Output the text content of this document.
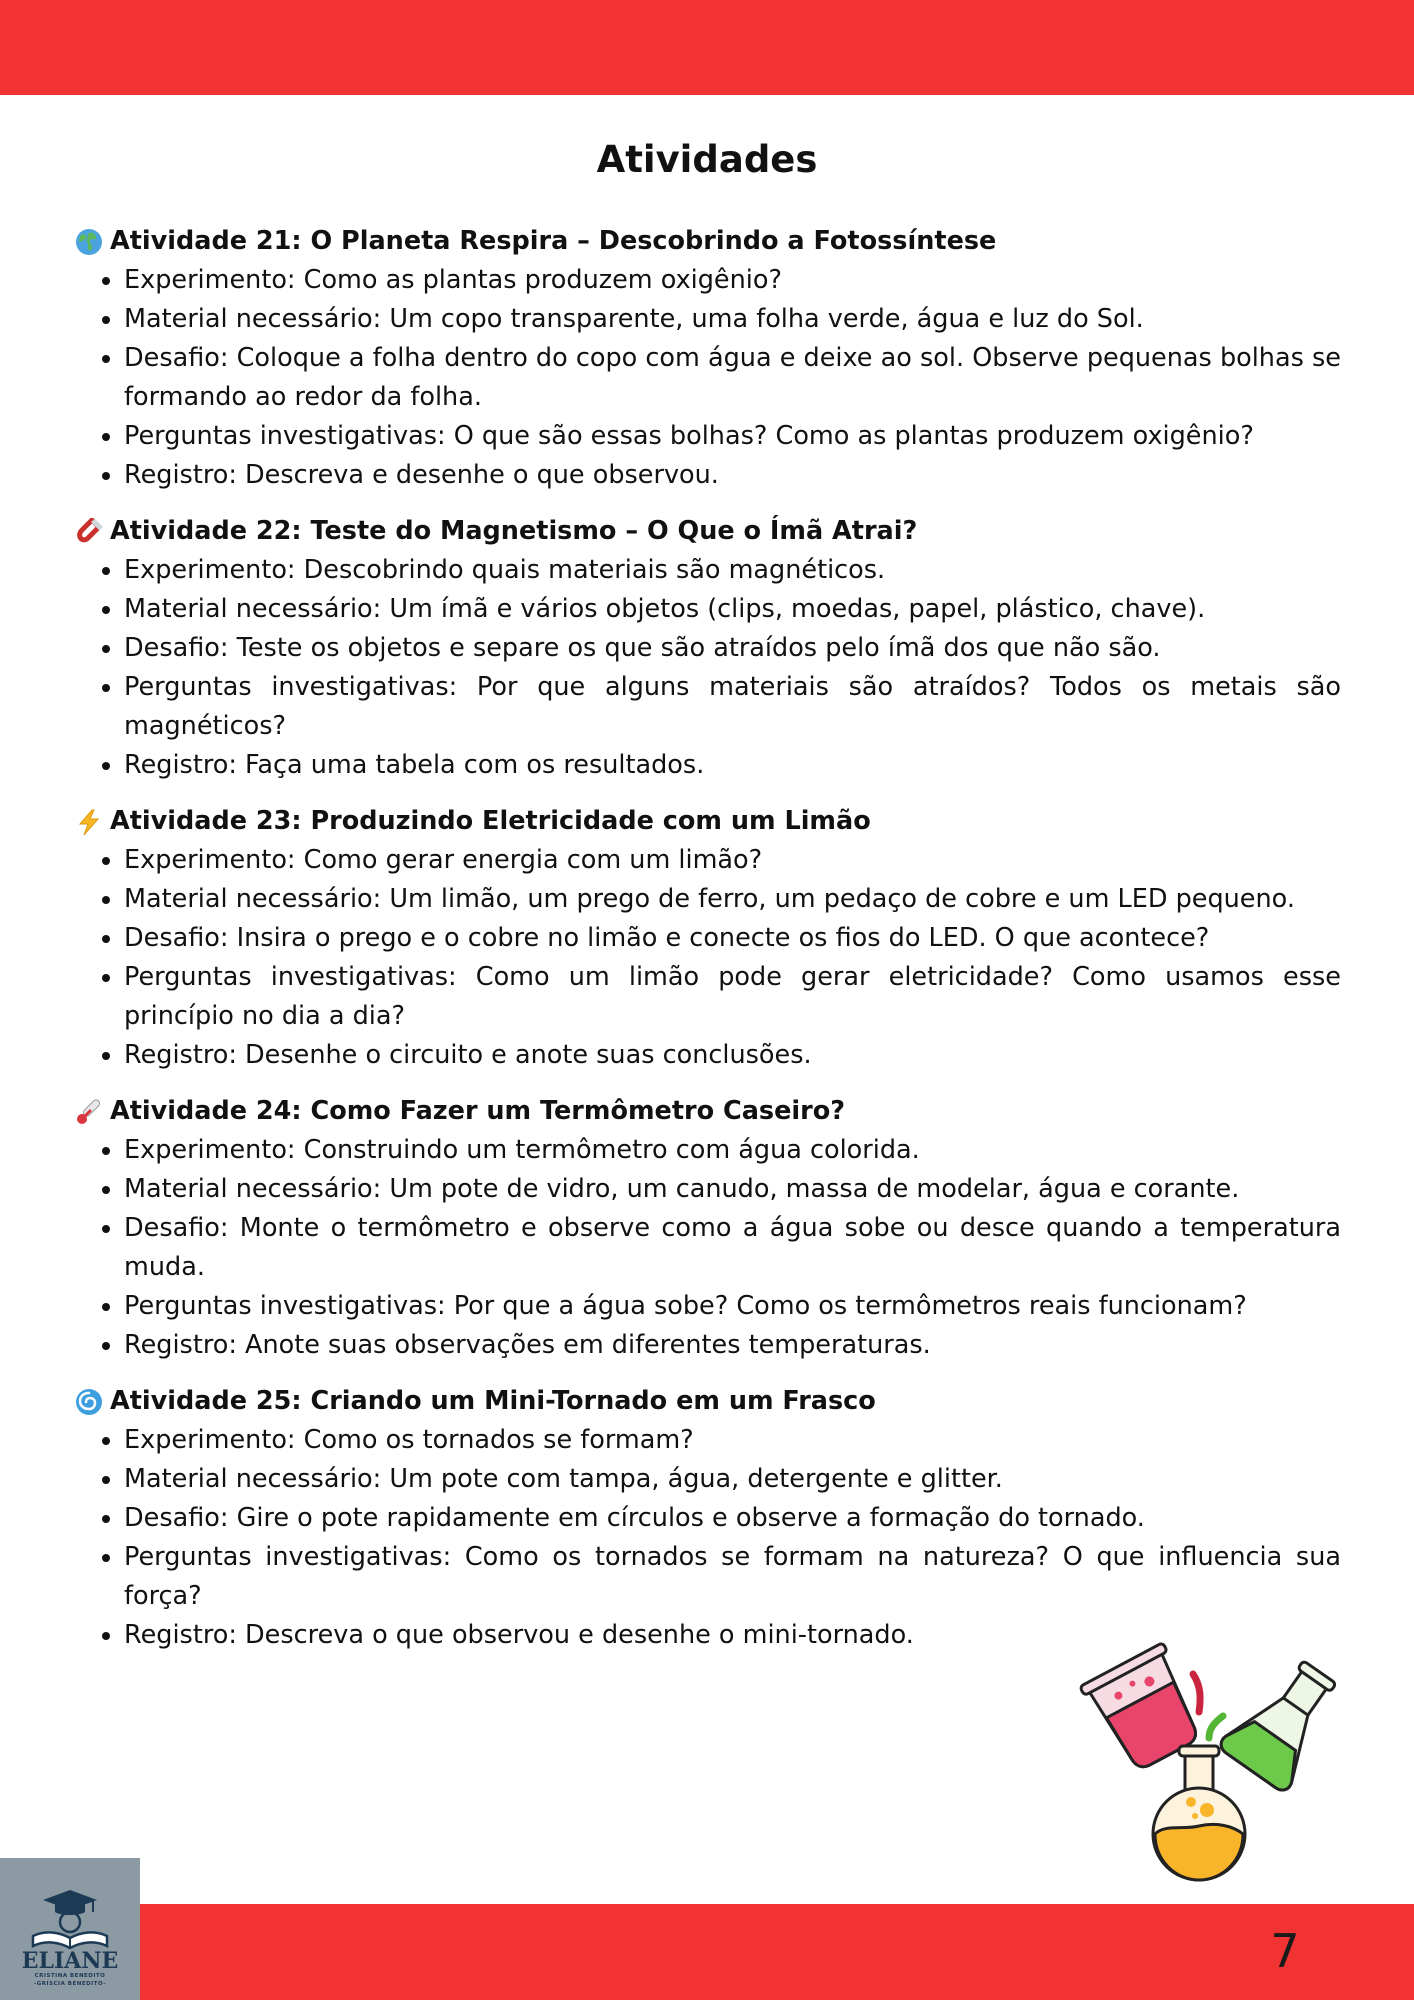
Atividades
Atividade 21: O Planeta Respira – Descobrindo a Fotossíntese
• Experimento: Como as plantas produzem oxigênio?
• Material necessário: Um copo transparente, uma folha verde, água e luz do Sol.
• Desafio: Coloque a folha dentro do copo com água e deixe ao sol. Observe pequenas bolhas se formando ao redor da folha.
• Perguntas investigativas: O que são essas bolhas? Como as plantas produzem oxigênio?
• Registro: Descreva e desenhe o que observou.
Atividade 22: Teste do Magnetismo – O Que o Ímã Atrai?
• Experimento: Descobrindo quais materiais são magnéticos.
• Material necessário: Um ímã e vários objetos (clips, moedas, papel, plástico, chave).
• Desafio: Teste os objetos e separe os que são atraídos pelo ímã dos que não são.
• Perguntas investigativas: Por que alguns materiais são atraídos? Todos os metais são magnéticos?
• Registro: Faça uma tabela com os resultados.
Atividade 23: Produzindo Eletricidade com um Limão
• Experimento: Como gerar energia com um limão?
• Material necessário: Um limão, um prego de ferro, um pedaço de cobre e um LED pequeno.
• Desafio: Insira o prego e o cobre no limão e conecte os fios do LED. O que acontece?
• Perguntas investigativas: Como um limão pode gerar eletricidade? Como usamos esse princípio no dia a dia?
• Registro: Desenhe o circuito e anote suas conclusões.
Atividade 24: Como Fazer um Termômetro Caseiro?
• Experimento: Construindo um termômetro com água colorida.
• Material necessário: Um pote de vidro, um canudo, massa de modelar, água e corante.
• Desafio: Monte o termômetro e observe como a água sobe ou desce quando a temperatura muda.
• Perguntas investigativas: Por que a água sobe? Como os termômetros reais funcionam?
• Registro: Anote suas observações em diferentes temperaturas.
Atividade 25: Criando um Mini-Tornado em um Frasco
• Experimento: Como os tornados se formam?
• Material necessário: Um pote com tampa, água, detergente e glitter.
• Desafio: Gire o pote rapidamente em círculos e observe a formação do tornado.
• Perguntas investigativas: Como os tornados se formam na natureza? O que influencia sua força?
• Registro: Descreva o que observou e desenhe o mini-tornado.
ELIANE
CRISTINA BENEDITO
-GRISCIA BENEDITO-
7
